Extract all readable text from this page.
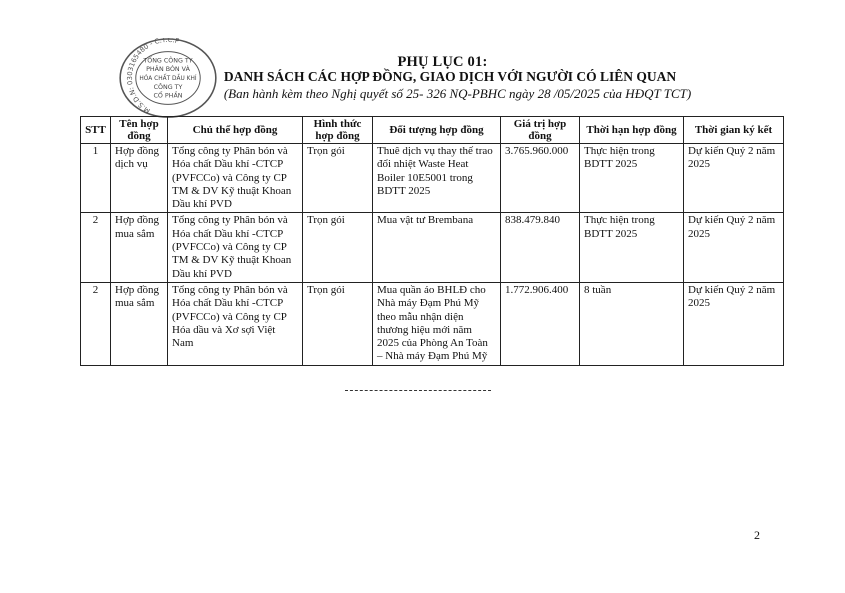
M.S.D.N: 0303165480 - C.T.C.P
TỔNG CÔNG TY
PHÂN BÓN VÀ
HÓA CHẤT DẦU KHÍ
CÔNG TY
CỔ PHẦN
PHỤ LỤC 01:
DANH SÁCH CÁC HỢP ĐỒNG, GIAO DỊCH VỚI NGƯỜI CÓ LIÊN QUAN
(Ban hành kèm theo Nghị quyết số 25- 326 NQ-PBHC ngày 28 /05/2025 của HĐQT TCT)
STT	Tên hợp đồng	Chủ thể hợp đồng	Hình thức hợp đồng	Đối tượng hợp đồng	Giá trị hợp đồng	Thời hạn hợp đồng	Thời gian ký kết
1	Hợp đồng dịch vụ	Tổng công ty Phân bón và Hóa chất Dầu khí -CTCP (PVFCCo) và Công ty CP TM & DV Kỹ thuật Khoan Dầu khí PVD	Trọn gói	Thuê dịch vụ thay thế trao đổi nhiệt Waste Heat Boiler 10E5001 trong BDTT 2025	3.765.960.000	Thực hiện trong BDTT 2025	Dự kiến Quý 2 năm 2025
2	Hợp đồng mua sắm	Tổng công ty Phân bón và Hóa chất Dầu khí -CTCP (PVFCCo) và Công ty CP TM & DV Kỹ thuật Khoan Dầu khí PVD	Trọn gói	Mua vật tư Brembana	838.479.840	Thực hiện trong BDTT 2025	Dự kiến Quý 2 năm 2025
2	Hợp đồng mua sắm	Tổng công ty Phân bón và Hóa chất Dầu khí -CTCP (PVFCCo) và Công ty CP Hóa dầu và Xơ sợi Việt Nam	Trọn gói	Mua quần áo BHLĐ cho Nhà máy Đạm Phú Mỹ theo mẫu nhận diện thương hiệu mới năm 2025 của Phòng An Toàn – Nhà máy Đạm Phú Mỹ	1.772.906.400	8 tuần	Dự kiến Quý 2 năm 2025
2
